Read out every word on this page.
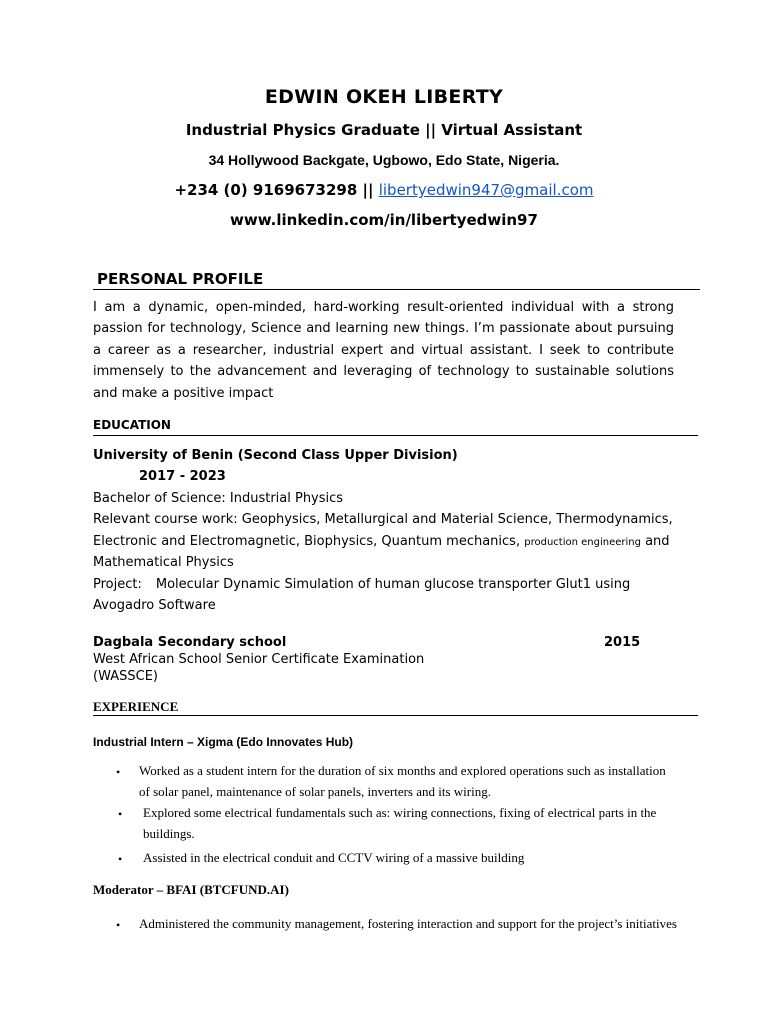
EDWIN OKEH LIBERTY
Industrial Physics Graduate || Virtual Assistant
34 Hollywood Backgate, Ugbowo, Edo State, Nigeria.
+234 (0) 9169673298 || libertyedwin947@gmail.com
www.linkedin.com/in/libertyedwin97
PERSONAL PROFILE
I am a dynamic, open-minded, hard-working result-oriented individual with a strong passion for technology, Science and learning new things. I’m passionate about pursuing a career as a researcher, industrial expert and virtual assistant. I seek to contribute immensely to the advancement and leveraging of technology to sustainable solutions and make a positive impact
EDUCATION
University of Benin (Second Class Upper Division)
2017 - 2023
Bachelor of Science: Industrial Physics
Relevant course work: Geophysics, Metallurgical and Material Science, Thermodynamics,
Electronic and Electromagnetic, Biophysics, Quantum mechanics, production engineering and
Mathematical Physics
Project: Molecular Dynamic Simulation of human glucose transporter Glut1 using
Avogadro Software
Dagbala Secondary school	2015
West African School Senior Certificate Examination
(WASSCE)
EXPERIENCE
Industrial Intern – Xigma (Edo Innovates Hub)
• Worked as a student intern for the duration of six months and explored operations such as installation
of solar panel, maintenance of solar panels, inverters and its wiring.
• Explored some electrical fundamentals such as: wiring connections, fixing of electrical parts in the
buildings.
• Assisted in the electrical conduit and CCTV wiring of a massive building
Moderator – BFAI (BTCFUND.AI)
• Administered the community management, fostering interaction and support for the project’s initiatives
